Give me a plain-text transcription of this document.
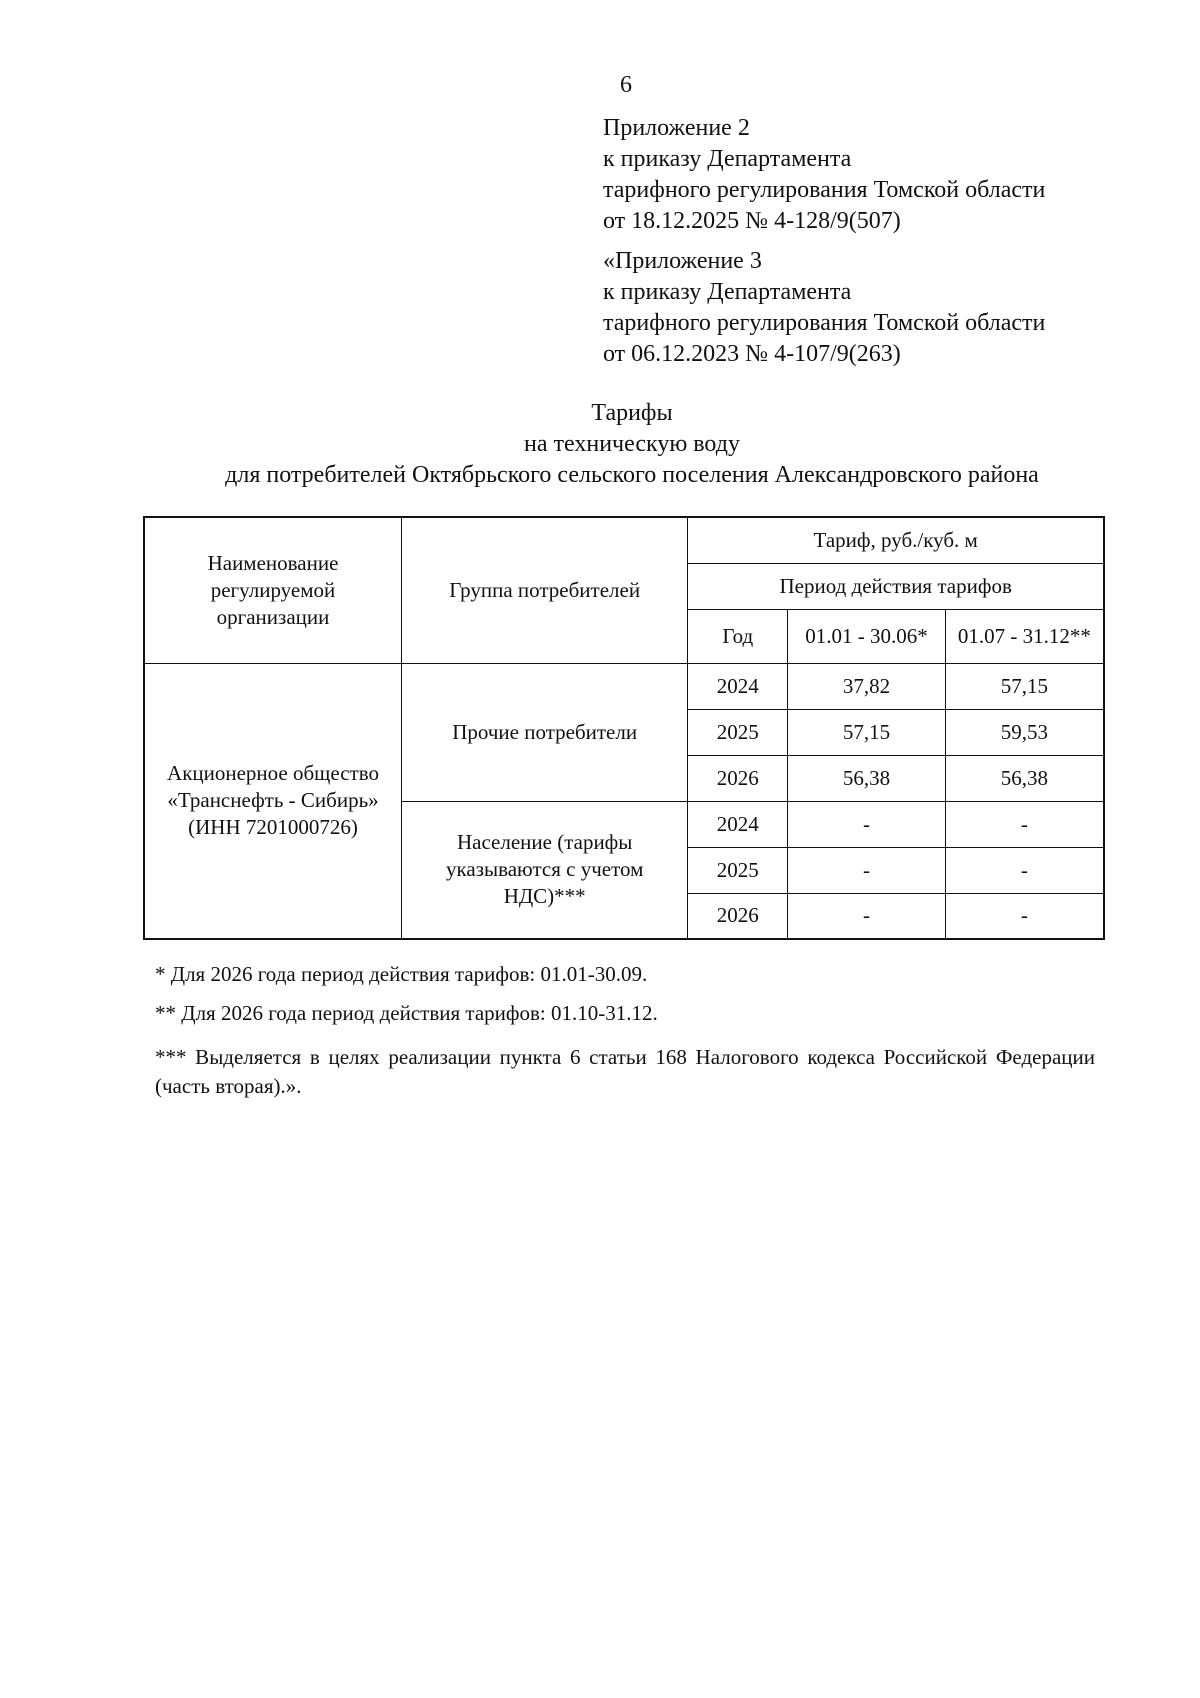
6
Приложение 2
к приказу Департамента
тарифного регулирования Томской области
от 18.12.2025 № 4-128/9(507)
«Приложение 3
к приказу Департамента
тарифного регулирования Томской области
от 06.12.2023 № 4-107/9(263)
Тарифы
на техническую воду
для потребителей Октябрьского сельского поселения Александровского района
Наименование регулируемой организации	Группа потребителей	Тариф, руб./куб. м		
		Период действия тарифов		
		Год	01.01 - 30.06*	01.07 - 31.12**

Акционерное общество
«Транснефть - Сибирь»
(ИНН 7201000726)	Прочие потребители	2024	37,82	57,15
		2025	57,15	59,53
		2026	56,38	56,38
	Население (тарифы указываются с учетом НДС)***	2024	-	-
		2025	-	-
		2026	-	-

* Для 2026 года период действия тарифов: 01.01-30.09.

** Для 2026 года период действия тарифов: 01.10-31.12.

*** Выделяется в целях реализации пункта 6 статьи 168 Налогового кодекса Российской Федерации (часть вторая).».
